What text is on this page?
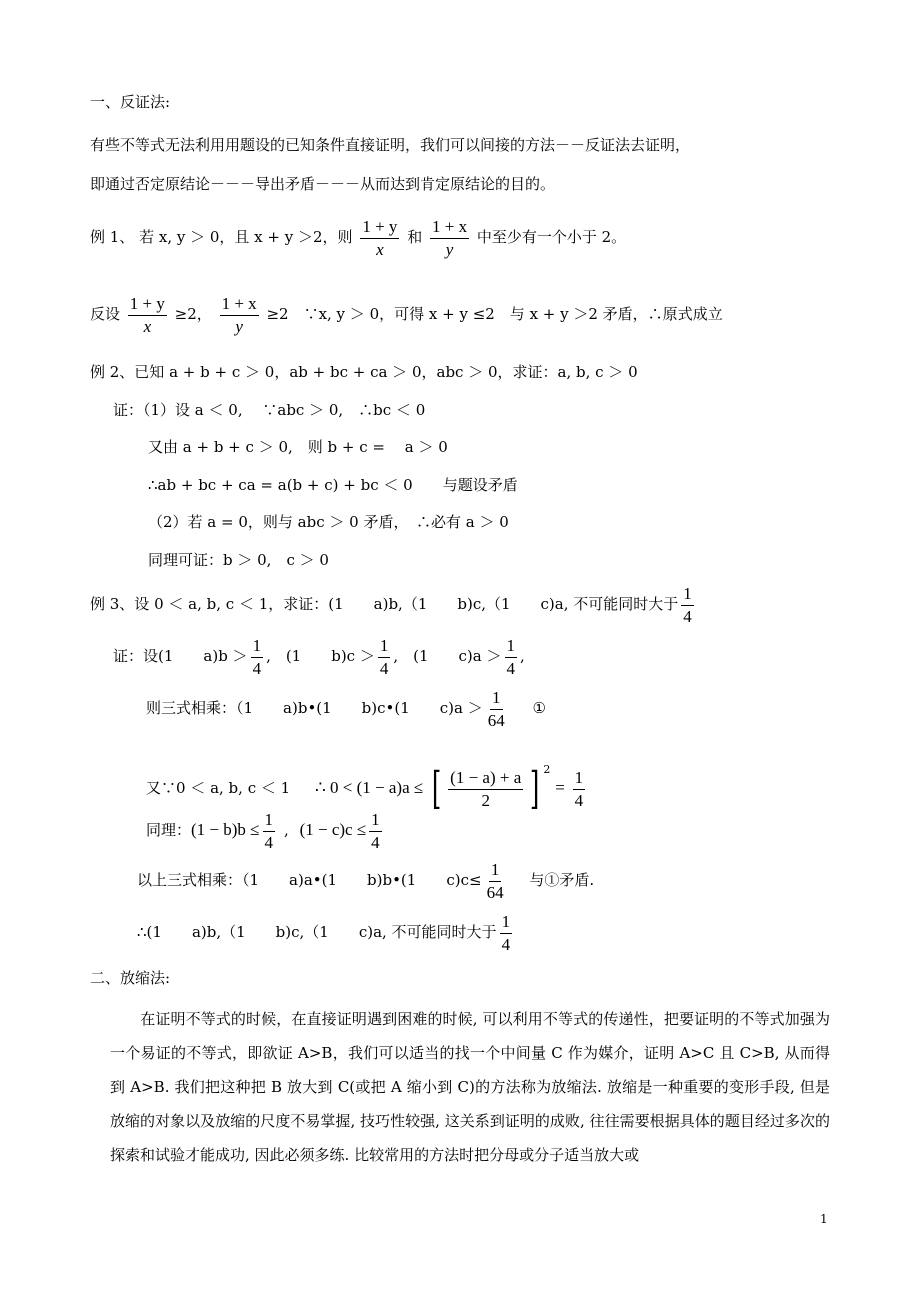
一、反证法:
有些不等式无法利用用题设的已知条件直接证明，我们可以间接的方法－－反证法去证明，
即通过否定原结论－－－导出矛盾－－－从而达到肯定原结论的目的。
例 1、 若 x, y ＞ 0，且 x + y ＞2，则 $\frac{1 + y}{x}$ 和 $\frac{1 + x}{y}$ 中至少有一个小于 2。
反设 $\frac{1 + y}{x} \ge 2$， $\frac{1 + x}{y} \ge 2$　∵x, y ＞ 0，可得 x + y ≤2　与 x + y ＞2 矛盾，∴原式成立
例 2、已知 a + b + c ＞ 0，ab + bc + ca ＞ 0，abc ＞ 0，求证：a, b, c ＞ 0
证：（1）设 a ＜ 0,　 ∵abc ＞ 0,　∴bc ＜ 0
又由 a + b + c ＞ 0,　则 b + c =　 a ＞ 0
∴ab + bc + ca = a(b + c) + bc ＜ 0　　与题设矛盾
（2）若 a = 0，则与 abc ＞ 0 矛盾，　∴必有 a ＞ 0
同理可证：b ＞ 0,　c ＞ 0
例 3、设 0 ＜ a, b, c ＜ 1，求证：(1　　a)b,（1　　b)c,（1　　c)a, 不可能同时大于 $\frac{1}{4}$
证：设(1　　$a)b > \frac{1}{4}$ ,　(1　　$b)c > \frac{1}{4}$ ,　(1　　$c)a > \frac{1}{4}$ ,
则三式相乘：（1　　a)b•(1　　b)c•(1　　$c)a > \frac{1}{64}$ ①
又∵0 ＜ a, b, c ＜ 1 ∴ 0 < (1 − a)a ≤ [ $\frac{(1 - a) + a}{2}$ ] $^2 = \frac{1}{4}$
同理：$(1 - b)b \le \frac{1}{4}$ , $(1 - c)c \le \frac{1}{4}$
以上三式相乘：（1　　a)a•(1　　b)b•(1　　$c)c\le \frac{1}{64}$ 与①矛盾.
∴(1　　a)b,（1　　b)c,（1　　c)a, 不可能同时大于 $\frac{1}{4}$
二、放缩法:
　　在证明不等式的时候，在直接证明遇到困难的时候, 可以利用不等式的传递性，把要证明的不等式加强为一个易证的不等式，即欲证 A>B，我们可以适当的找一个中间量 C 作为媒介，证明 A>C 且 C>B, 从而得到 A>B. 我们把这种把 B 放大到 C(或把 A 缩小到 C)的方法称为放缩法. 放缩是一种重要的变形手段, 但是放缩的对象以及放缩的尺度不易掌握, 技巧性较强, 这关系到证明的成败, 往往需要根据具体的题目经过多次的探索和试验才能成功, 因此必须多练. 比较常用的方法时把分母或分子适当放大或
1
